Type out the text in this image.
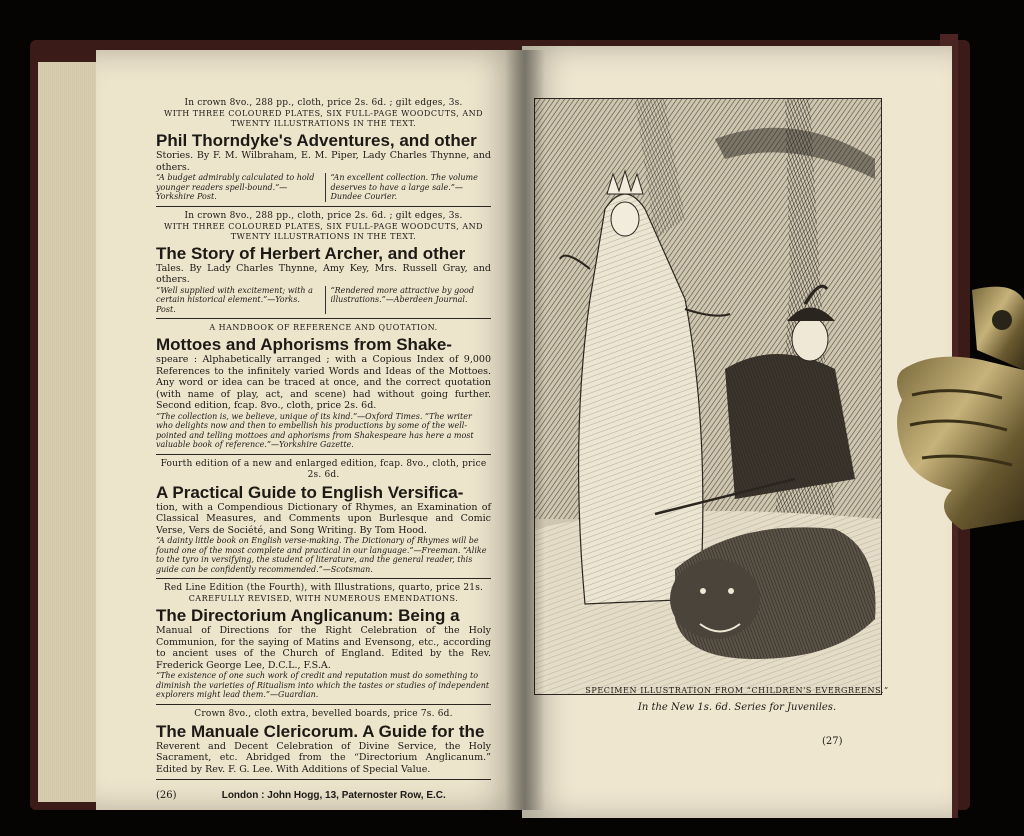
In crown 8vo., 288 pp., cloth, price 2s. 6d. ; gilt edges, 3s.
WITH THREE COLOURED PLATES, SIX FULL-PAGE WOODCUTS, AND TWENTY ILLUSTRATIONS IN THE TEXT.
Phil Thorndyke's Adventures, and other
Stories. By F. M. Wilbraham, E. M. Piper, Lady Charles Thynne, and others.
“A budget admirably calculated to hold younger readers spell-bound.”—Yorkshire Post.
“An excellent collection. The volume deserves to have a large sale.”—Dundee Courier.
In crown 8vo., 288 pp., cloth, price 2s. 6d. ; gilt edges, 3s.
WITH THREE COLOURED PLATES, SIX FULL-PAGE WOODCUTS, AND TWENTY ILLUSTRATIONS IN THE TEXT.
The Story of Herbert Archer, and other
Tales. By Lady Charles Thynne, Amy Key, Mrs. Russell Gray, and others.
“Well supplied with excitement; with a certain historical element.”—Yorks. Post.
“Rendered more attractive by good illustrations.”—Aberdeen Journal.
A HANDBOOK OF REFERENCE AND QUOTATION.
Mottoes and Aphorisms from Shake-
speare : Alphabetically arranged ; with a Copious Index of 9,000 References to the infinitely varied Words and Ideas of the Mottoes. Any word or idea can be traced at once, and the correct quotation (with name of play, act, and scene) had without going further. Second edition, fcap. 8vo., cloth, price 2s. 6d.
“The collection is, we believe, unique of its kind.”—Oxford Times. “The writer who delights now and then to embellish his productions by some of the well-pointed and telling mottoes and aphorisms from Shakespeare has here a most valuable book of reference.”—Yorkshire Gazette.
Fourth edition of a new and enlarged edition, fcap. 8vo., cloth, price 2s. 6d.
A Practical Guide to English Versifica-
tion, with a Compendious Dictionary of Rhymes, an Examination of Classical Measures, and Comments upon Burlesque and Comic Verse, Vers de Société, and Song Writing. By Tom Hood.
“A dainty little book on English verse-making. The Dictionary of Rhymes will be found one of the most complete and practical in our language.”—Freeman. “Alike to the tyro in versifying, the student of literature, and the general reader, this guide can be confidently recommended.”—Scotsman.
Red Line Edition (the Fourth), with Illustrations, quarto, price 21s.
CAREFULLY REVISED, WITH NUMEROUS EMENDATIONS.
The Directorium Anglicanum: Being a
Manual of Directions for the Right Celebration of the Holy Communion, for the saying of Matins and Evensong, etc., according to ancient uses of the Church of England. Edited by the Rev. Frederick George Lee, D.C.L., F.S.A.
“The existence of one such work of credit and reputation must do something to diminish the varieties of Ritualism into which the tastes or studies of independent explorers might lead them.”—Guardian.
Crown 8vo., cloth extra, bevelled boards, price 7s. 6d.
The Manuale Clericorum. A Guide for the
Reverent and Decent Celebration of Divine Service, the Holy Sacrament, etc. Abridged from the “Directorium Anglicanum.” Edited by Rev. F. G. Lee. With Additions of Special Value.
(26)	London : John Hogg, 13, Paternoster Row, E.C.
SPECIMEN ILLUSTRATION FROM “CHILDREN'S EVERGREENS.”
In the New 1s. 6d. Series for Juveniles.
(27)
